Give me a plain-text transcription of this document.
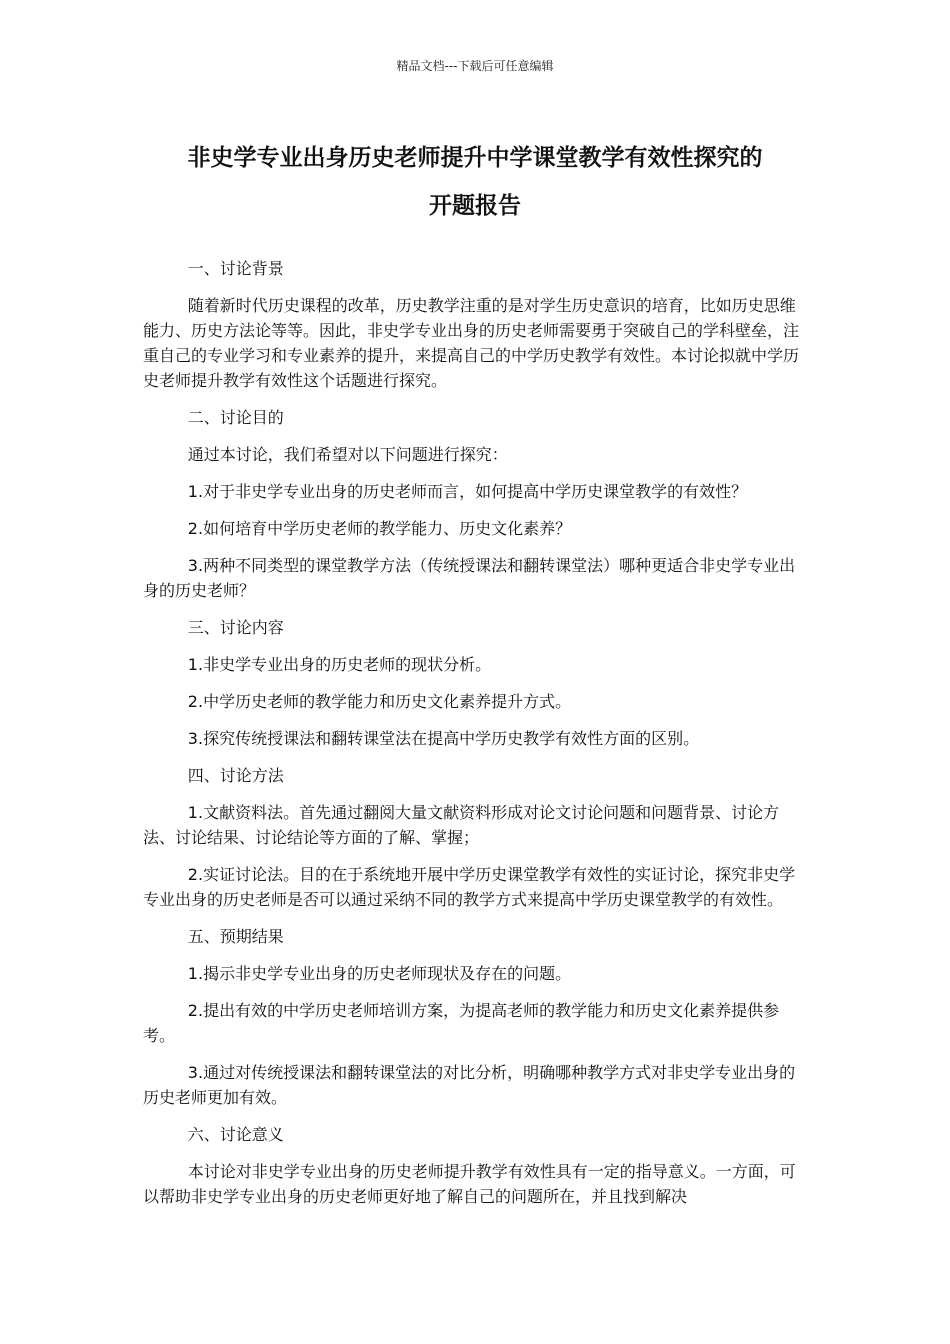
精品文档---下载后可任意编辑
非史学专业出身历史老师提升中学课堂教学有效性探究的
开题报告

一、讨论背景

随着新时代历史课程的改革，历史教学注重的是对学生历史意识的培育，比如历史思维能力、历史方法论等等。因此，非史学专业出身的历史老师需要勇于突破自己的学科壁垒，注重自己的专业学习和专业素养的提升，来提高自己的中学历史教学有效性。本讨论拟就中学历史老师提升教学有效性这个话题进行探究。

二、讨论目的

通过本讨论，我们希望对以下问题进行探究：

1.对于非史学专业出身的历史老师而言，如何提高中学历史课堂教学的有效性？

2.如何培育中学历史老师的教学能力、历史文化素养？

3.两种不同类型的课堂教学方法（传统授课法和翻转课堂法）哪种更适合非史学专业出身的历史老师？

三、讨论内容

1.非史学专业出身的历史老师的现状分析。

2.中学历史老师的教学能力和历史文化素养提升方式。

3.探究传统授课法和翻转课堂法在提高中学历史教学有效性方面的区别。

四、讨论方法

1.文献资料法。首先通过翻阅大量文献资料形成对论文讨论问题和问题背景、讨论方法、讨论结果、讨论结论等方面的了解、掌握；

2.实证讨论法。目的在于系统地开展中学历史课堂教学有效性的实证讨论，探究非史学专业出身的历史老师是否可以通过采纳不同的教学方式来提高中学历史课堂教学的有效性。

五、预期结果

1.揭示非史学专业出身的历史老师现状及存在的问题。

2.提出有效的中学历史老师培训方案，为提高老师的教学能力和历史文化素养提供参考。

3.通过对传统授课法和翻转课堂法的对比分析，明确哪种教学方式对非史学专业出身的历史老师更加有效。

六、讨论意义

本讨论对非史学专业出身的历史老师提升教学有效性具有一定的指导意义。一方面，可以帮助非史学专业出身的历史老师更好地了解自己的问题所在，并且找到解决
